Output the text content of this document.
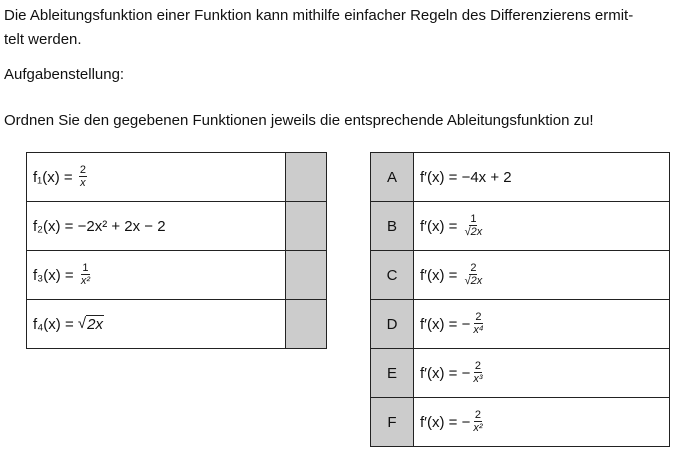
Die Ableitungsfunktion einer Funktion kann mithilfe einfacher Regeln des Differenzierens ermit-

telt werden.

Aufgabenstellung:
Ordnen Sie den gegebenen Funktionen jeweils die entsprechende Ableitungsfunktion zu!
f₁(x) =
$\frac{2}{x}$

f₂(x) =
−2x² + 2x − 2	

f₃(x) =
$\frac{1}{\text{x²}}$

f₄(x) =
√ 2x	

A	f′(x) =
−4x + 2

B	f′(x) =
$\frac{1}{√2x}$

C	f′(x) =
$\frac{2}{√2x}$

D	f′(x) =
− $\frac{2}{\text{x⁴}}$

E	f′(x) =
− $\frac{2}{\text{x³}}$

F	f′(x) =
− $\frac{2}{\text{x²}}$
